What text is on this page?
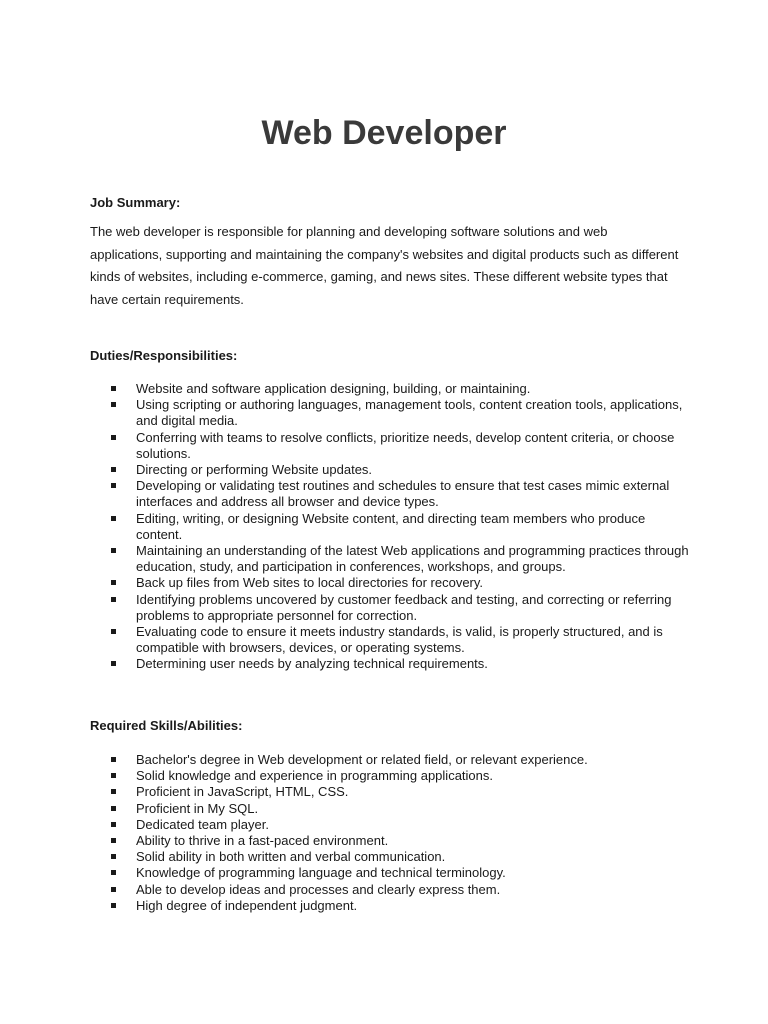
Web Developer
Job Summary:

The web developer is responsible for planning and developing software solutions and web applications, supporting and maintaining the company's websites and digital products such as different kinds of websites, including e-commerce, gaming, and news sites. These different website types that have certain requirements.

Duties/Responsibilities:
Website and software application designing, building, or maintaining.
Using scripting or authoring languages, management tools, content creation tools, applications, and digital media.
Conferring with teams to resolve conflicts, prioritize needs, develop content criteria, or choose solutions.
Directing or performing Website updates.
Developing or validating test routines and schedules to ensure that test cases mimic external interfaces and address all browser and device types.
Editing, writing, or designing Website content, and directing team members who produce content.
Maintaining an understanding of the latest Web applications and programming practices through education, study, and participation in conferences, workshops, and groups.
Back up files from Web sites to local directories for recovery.
Identifying problems uncovered by customer feedback and testing, and correcting or referring problems to appropriate personnel for correction.
Evaluating code to ensure it meets industry standards, is valid, is properly structured, and is compatible with browsers, devices, or operating systems.
Determining user needs by analyzing technical requirements.
Required Skills/Abilities:
Bachelor's degree in Web development or related field, or relevant experience.
Solid knowledge and experience in programming applications.
Proficient in JavaScript, HTML, CSS.
Proficient in My SQL.
Dedicated team player.
Ability to thrive in a fast-paced environment.
Solid ability in both written and verbal communication.
Knowledge of programming language and technical terminology.
Able to develop ideas and processes and clearly express them.
High degree of independent judgment.
